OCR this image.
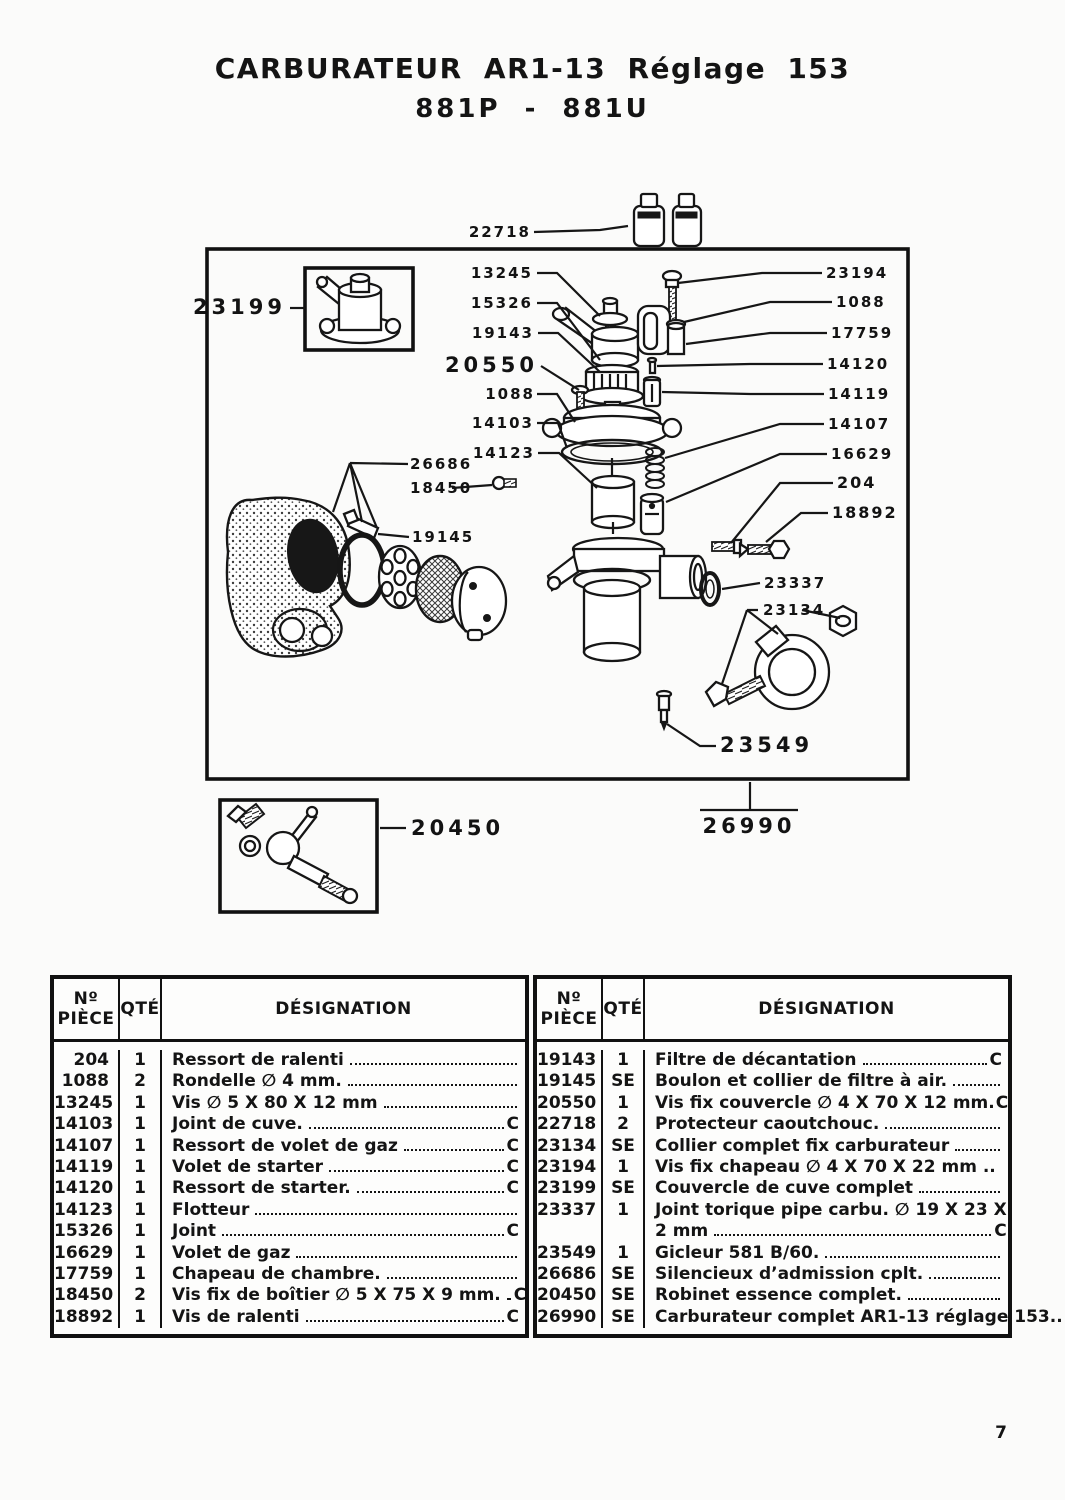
CARBURATEUR AR1-13 Réglage 153
881P - 881U
22718
23199
13245
15326
19143
20550
1088
14103
14123
26686
18450
19145
23194
1088
17759
14120
14119
14107
16629
204
18892
23337
23134
23549
20450	26990
Nº
PIÈCE QTÉ	DÉSIGNATION
204	1	Ressort de ralenti
1088	2	Rondelle ∅ 4 mm.
13245	1	Vis ∅ 5 X 80 X 12 mm
14103	1	Joint de cuve.	C
14107	1	Ressort de volet de gaz	C
14119	1	Volet de starter	C
14120	1	Ressort de starter.	C
14123	1	Flotteur
15326	1	Joint	C
16629	1	Volet de gaz
17759	1	Chapeau de chambre.
18450	2	Vis fix de boîtier ∅ 5 X 75 X 9 mm. C
18892	1	Vis de ralenti	C
Nº
PIÈCE QTÉ	DÉSIGNATION
19143	1	Filtre de décantation	C
19145 SE	Boulon et collier de filtre à air.
20550	1	Vis fix couvercle ∅ 4 X 70 X 12 mm. C
22718	2	Protecteur caoutchouc.
23134 SE	Collier complet fix carburateur
23194	1	Vis fix chapeau ∅ 4 X 70 X 22 mm ..
23199 SE	Couvercle de cuve complet
23337	1	Joint torique pipe carbu. ∅ 19 X 23 X
2 mm	C
23549	1	Gicleur 581 B/60.
26686 SE	Silencieux d’admission cplt.
20450 SE	Robinet essence complet.
26990 SE	Carburateur complet AR1-13 réglage 153..
7
